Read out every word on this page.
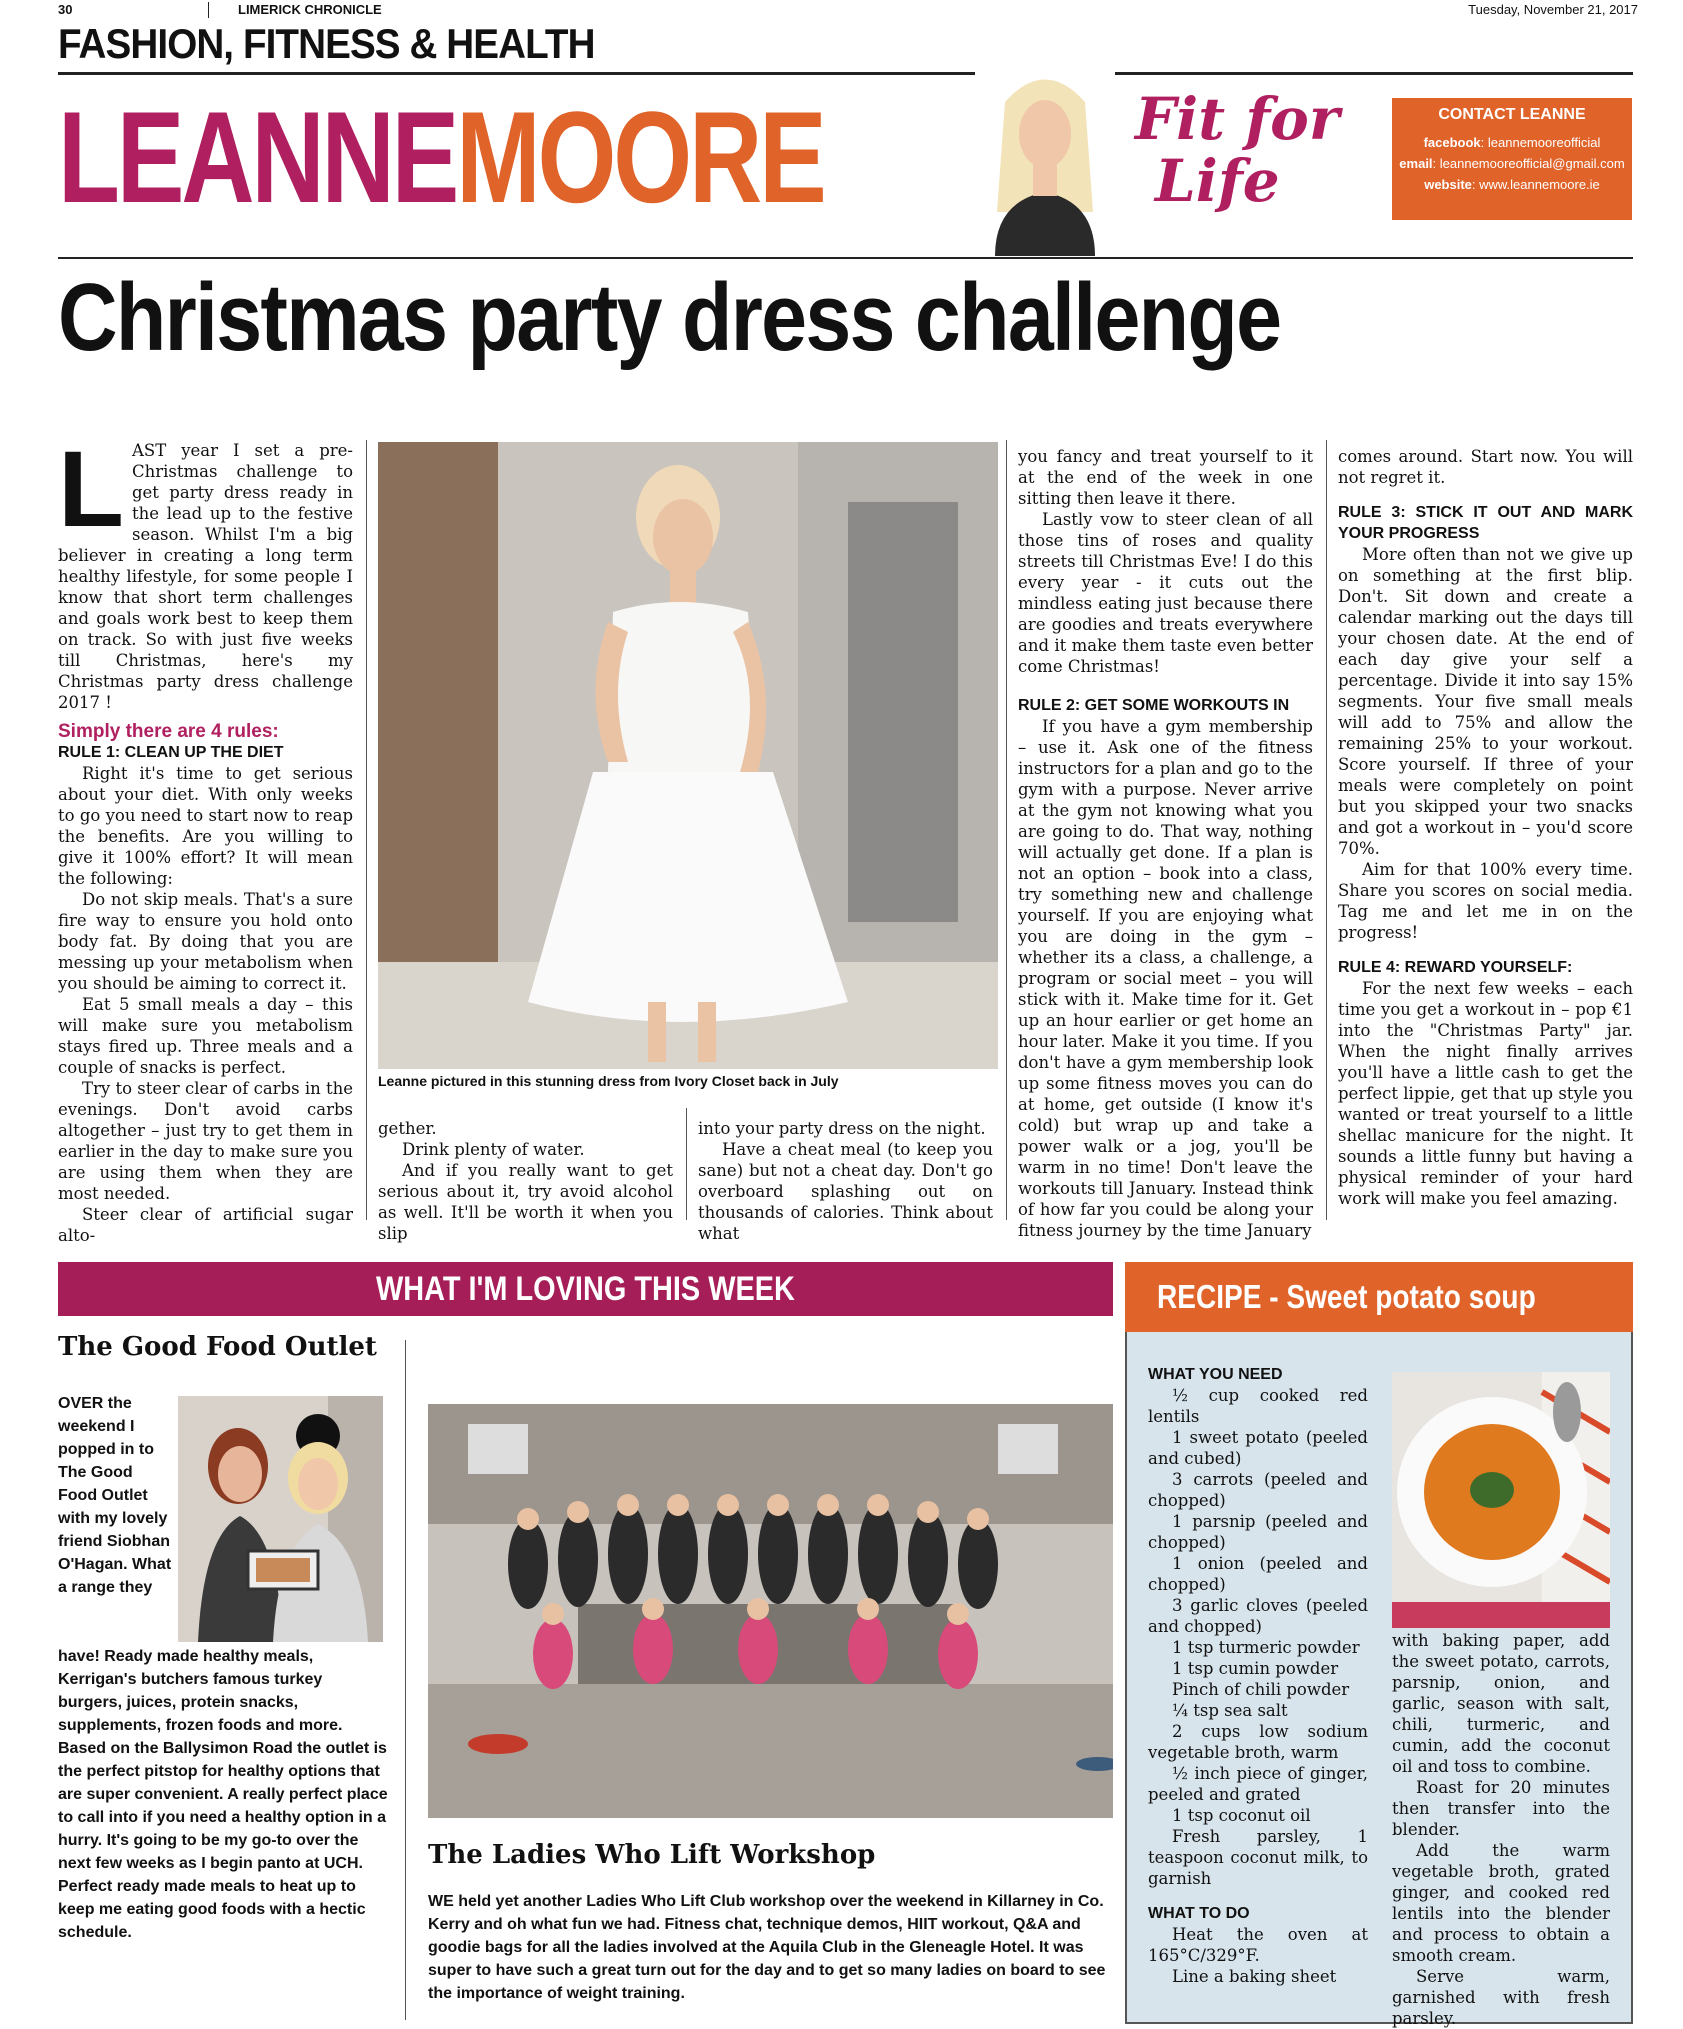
30	LIMERICK CHRONICLE	Tuesday, November 21, 2017
FASHION, FITNESS & HEALTH
LEANNEMOORE	Fit for
Life
CONTACT LEANNE
facebook: leannemooreofficial
email: leannemooreofficial@gmail.com
website: www.leannemoore.ie
Christmas party dress challenge
L AST year I set a pre-Christmas challenge to get party dress ready in the lead up to the festive season. Whilst I'm a big believer in creating a long term healthy lifestyle, for some people I know that short term challenges and goals work best to keep them on track. So with just five weeks till Christmas, here's my Christmas party dress challenge 2017 !

Simply there are 4 rules:
RULE 1: CLEAN UP THE DIET

Right it's time to get serious about your diet. With only weeks to go you need to start now to reap the benefits. Are you willing to give it 100% effort? It will mean the following:

Do not skip meals. That's a sure fire way to ensure you hold onto body fat. By doing that you are messing up your metabolism when you should be aiming to correct it.

Eat 5 small meals a day – this will make sure you metabolism stays fired up. Three meals and a couple of snacks is perfect.

Try to steer clear of carbs in the evenings. Don't avoid carbs altogether – just try to get them in earlier in the day to make sure you are using them when they are most needed.

Steer clear of artificial sugar alto-

Leanne pictured in this stunning dress from Ivory Closet back in July

gether.

Drink plenty of water.

And if you really want to get serious about it, try avoid alcohol as well. It'll be worth it when you slip

into your party dress on the night.

Have a cheat meal (to keep you sane) but not a cheat day. Don't go overboard splashing out on thousands of calories. Think about what

you fancy and treat yourself to it at the end of the week in one sitting then leave it there.

Lastly vow to steer clean of all those tins of roses and quality streets till Christmas Eve! I do this every year - it cuts out the mindless eating just because there are goodies and treats everywhere and it make them taste even better come Christmas!

RULE 2: GET SOME WORKOUTS IN

If you have a gym membership – use it. Ask one of the fitness instructors for a plan and go to the gym with a purpose. Never arrive at the gym not knowing what you are going to do. That way, nothing will actually get done. If a plan is not an option – book into a class, try something new and challenge yourself. If you are enjoying what you are doing in the gym – whether its a class, a challenge, a program or social meet – you will stick with it. Make time for it. Get up an hour earlier or get home an hour later. Make it you time. If you don't have a gym membership look up some fitness moves you can do at home, get outside (I know it's cold) but wrap up and take a power walk or a jog, you'll be warm in no time! Don't leave the workouts till January. Instead think of how far you could be along your fitness journey by the time January

comes around. Start now. You will not regret it.

RULE 3: STICK IT OUT AND MARK YOUR PROGRESS

More often than not we give up on something at the first blip. Don't. Sit down and create a calendar marking out the days till your chosen date. At the end of each day give your self a percentage. Divide it into say 15% segments. Your five small meals will add to 75% and allow the remaining 25% to your workout. Score yourself. If three of your meals were completely on point but you skipped your two snacks and got a workout in – you'd score 70%.

Aim for that 100% every time. Share you scores on social media. Tag me and let me in on the progress!

RULE 4: REWARD YOURSELF:

For the next few weeks – each time you get a workout in – pop €1 into the "Christmas Party" jar. When the night finally arrives you'll have a little cash to get the perfect lippie, get that up style you wanted or treat yourself to a little shellac manicure for the night. It sounds a little funny but having a physical reminder of your hard work will make you feel amazing.

WHAT I'M LOVING THIS WEEK
The Good Food Outlet
OVER the weekend I popped in to The Good Food Outlet with my lovely friend Siobhan O'Hagan. What a range they
have! Ready made healthy meals, Kerrigan's butchers famous turkey burgers, juices, protein snacks, supplements, frozen foods and more. Based on the Ballysimon Road the outlet is the perfect pitstop for healthy options that are super convenient. A really perfect place to call into if you need a healthy option in a hurry. It's going to be my go-to over the next few weeks as I begin panto at UCH. Perfect ready made meals to heat up to keep me eating good foods with a hectic schedule.
The Ladies Who Lift Workshop
WE held yet another Ladies Who Lift Club workshop over the weekend in Killarney in Co. Kerry and oh what fun we had. Fitness chat, technique demos, HIIT workout, Q&A and goodie bags for all the ladies involved at the Aquila Club in the Gleneagle Hotel. It was super to have such a great turn out for the day and to get so many ladies on board to see the importance of weight training.
RECIPE - Sweet potato soup
WHAT YOU NEED

½ cup cooked red lentils

1 sweet potato (peeled and cubed)

3 carrots (peeled and chopped)

1 parsnip (peeled and chopped)

1 onion (peeled and chopped)

3 garlic cloves (peeled and chopped)

1 tsp turmeric powder

1 tsp cumin powder

Pinch of chili powder

¼ tsp sea salt

2 cups low sodium vegetable broth, warm

½ inch piece of ginger, peeled and grated

1 tsp coconut oil

Fresh parsley, 1 teaspoon coconut milk, to garnish

WHAT TO DO

Heat the oven at 165°C/329°F.

Line a baking sheet

with baking paper, add the sweet potato, carrots, parsnip, onion, and garlic, season with salt, chili, turmeric, and cumin, add the coconut oil and toss to combine.

Roast for 20 minutes then transfer into the blender.

Add the warm vegetable broth, grated ginger, and cooked red lentils into the blender and process to obtain a smooth cream.

Serve warm, garnished with fresh parsley.
